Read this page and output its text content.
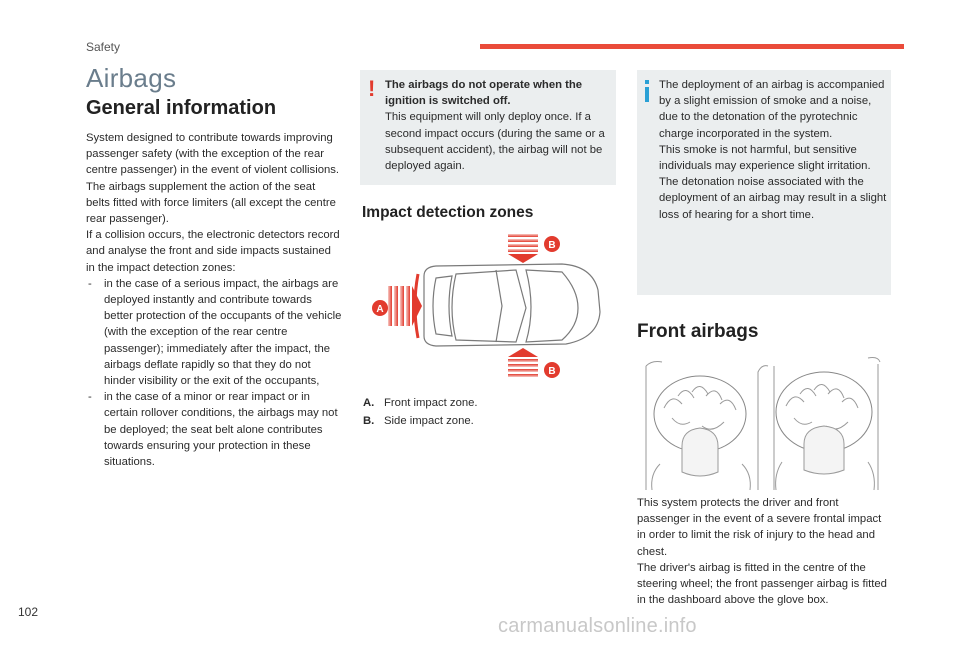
Safety
Airbags
General information

System designed to contribute towards improving passenger safety (with the exception of the rear centre passenger) in the event of violent collisions. The airbags supplement the action of the seat belts fitted with force limiters (all except the centre rear passenger).

If a collision occurs, the electronic detectors record and analyse the front and side impacts sustained in the impact detection zones:

- in the case of a serious impact, the airbags are deployed instantly and contribute towards better protection of the occupants of the vehicle (with the exception of the rear centre passenger); immediately after the impact, the airbags deflate rapidly so that they do not hinder visibility or the exit of the occupants,
- in the case of a minor or rear impact or in certain rollover conditions, the airbags may not be deployed; the seat belt alone contributes towards ensuring your protection in these situations.
! The airbags do not operate when the ignition is switched off.

This equipment will only deploy once. If a second impact occurs (during the same or a subsequent accident), the airbag will not be deployed again.

Impact detection zones
A
B
B
A. Front impact zone.
B. Side impact zone.

The deployment of an airbag is accompanied by a slight emission of smoke and a noise, due to the detonation of the pyrotechnic charge incorporated in the system.

This smoke is not harmful, but sensitive individuals may experience slight irritation.

The detonation noise associated with the deployment of an airbag may result in a slight loss of hearing for a short time.

Front airbags

This system protects the driver and front passenger in the event of a severe frontal impact in order to limit the risk of injury to the head and chest.

The driver's airbag is fitted in the centre of the steering wheel; the front passenger airbag is fitted in the dashboard above the glove box.

102
carmanualsonline.info
